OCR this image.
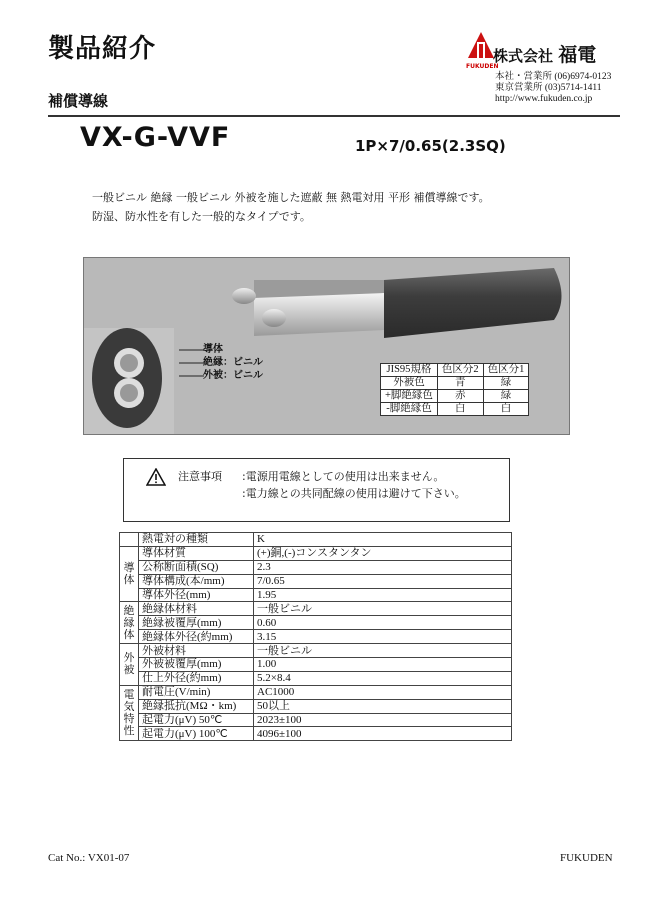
製品紹介
補償導線
FUKUDEN
株式会社 福電
本社・営業所 (06)6974-0123
東京営業所 (03)5714-1411
http://www.fukuden.co.jp
VX-G-VVF	1P×7/0.65(2.3SQ)
一般ビニル 絶縁 一般ビニル 外被を施した遮蔽 無 熱電対用 平形 補償導線です。
防湿、防水性を有した一般的なタイプです。
導体
絶縁：ビニル
外被：ビニル
JIS95規格	色区分2	色区分1
外被色	青	緑
+脚絶縁色	赤	緑
-脚絶縁色	白	白
注意事項	:電源用電線としての使用は出来ません。
:電力線との共同配線の使用は避けて下さい。
	熱電対の種類	K
導
体	導体材質	(+)銅,(-)コンスタンタン
	公称断面積(SQ)	2.3
	導体構成(本/mm)	7/0.65
	導体外径(mm)	1.95
絶
縁
体	絶縁体材料	一般ビニル
	絶縁被覆厚(mm)	0.60
	絶縁体外径(約mm)	3.15
外
被	外被材料	一般ビニル
	外被被覆厚(mm)	1.00
	仕上外径(約mm)	5.2×8.4
電
気
特
性	耐電圧(V/min)	AC1000
	絶縁抵抗(MΩ・km)	50以上
	起電力(μV) 50℃	2023±100
	起電力(μV) 100℃	4096±100
Cat No.: VX01-07	FUKUDEN
